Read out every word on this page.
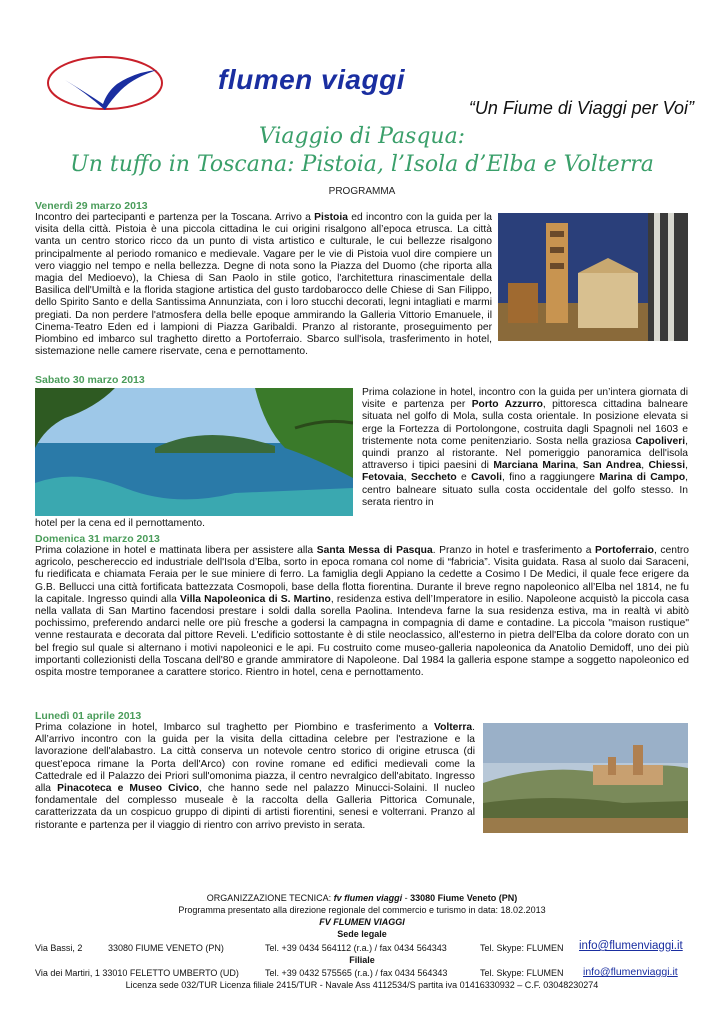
flumen viaggi
“Un Fiume di Viaggi per Voi”
Viaggio di Pasqua:
Un tuffo in Toscana: Pistoia, l’Isola d’Elba e Volterra
PROGRAMMA
Venerdì 29 marzo 2013
Incontro dei partecipanti e partenza per la Toscana. Arrivo a Pistoia ed incontro con la guida per la visita della città. Pistoia è una piccola cittadina le cui origini risalgono all’epoca etrusca. La città vanta un centro storico ricco da un punto di vista artistico e culturale, le cui bellezze risalgono principalmente al periodo romanico e medievale. Vagare per le vie di Pistoia vuol dire compiere un vero viaggio nel tempo e nella bellezza. Degne di nota sono la Piazza del Duomo (che riporta alla magia del Medioevo), la Chiesa di San Paolo in stile gotico, l'architettura rinascimentale della Basilica dell'Umiltà e la florida stagione artistica del gusto tardobarocco delle Chiese di San Filippo, dello Spirito Santo e della Santissima Annunziata, con i loro stucchi decorati, legni intagliati e marmi pregiati. Da non perdere l'atmosfera della belle epoque ammirando la Galleria Vittorio Emanuele, il Cinema-Teatro Eden ed i lampioni di Piazza Garibaldi. Pranzo al ristorante, proseguimento per Piombino ed imbarco sul traghetto diretto a Portoferraio. Sbarco sull'isola, trasferimento in hotel, sistemazione nelle camere riservate, cena e pernottamento.
Sabato 30 marzo 2013
Prima colazione in hotel, incontro con la guida per un’intera giornata di visite e partenza per Porto Azzurro, pittoresca cittadina balneare situata nel golfo di Mola, sulla costa orientale. In posizione elevata si erge la Fortezza di Portolongone, costruita dagli Spagnoli nel 1603 e tristemente nota come penitenziario. Sosta nella graziosa Capoliveri, quindi pranzo al ristorante. Nel pomeriggio panoramica dell'isola attraverso i tipici paesini di Marciana Marina, San Andrea, Chiessi, Fetovaia, Seccheto e Cavoli, fino a raggiungere Marina di Campo, centro balneare situato sulla costa occidentale del golfo stesso. In serata rientro in
hotel per la cena ed il pernottamento.
Domenica 31 marzo 2013
Prima colazione in hotel e mattinata libera per assistere alla Santa Messa di Pasqua. Pranzo in hotel e trasferimento a Portoferraio, centro agricolo, peschereccio ed industriale dell'Isola d’Elba, sorto in epoca romana col nome di “fabricia”. Visita guidata. Rasa al suolo dai Saraceni, fu riedificata e chiamata Feraia per le sue miniere di ferro. La famiglia degli Appiano la cedette a Cosimo I De Medici, il quale fece erigere da G.B. Bellucci una città fortificata battezzata Cosmopoli, base della flotta fiorentina. Durante il breve regno napoleonico all’Elba nel 1814, ne fu la capitale. Ingresso quindi alla Villa Napoleonica di S. Martino, residenza estiva dell’Imperatore in esilio. Napoleone acquistò la piccola casa nella vallata di San Martino facendosi prestare i soldi dalla sorella Paolina. Intendeva farne la sua residenza estiva, ma in realtà vi abitò pochissimo, preferendo andarci nelle ore più fresche a godersi la campagna in compagnia di dame e contadine. La piccola "maison rustique" venne restaurata e decorata dal pittore Reveli. L'edificio sottostante è di stile neoclassico, all'esterno in pietra dell'Elba da colore dorato con un bel fregio sul quale si alternano i motivi napoleonici e le api. Fu costruito come museo-galleria napoleonica da Anatolio Demidoff, uno dei più importanti collezionisti della Toscana dell'80 e grande ammiratore di Napoleone. Dal 1984 la galleria espone stampe a soggetto napoleonico ed ospita mostre temporanee a carattere storico. Rientro in hotel, cena e pernottamento.
Lunedì 01 aprile 2013
Prima colazione in hotel, Imbarco sul traghetto per Piombino e trasferimento a Volterra. All’arrivo incontro con la guida per la visita della cittadina celebre per l'estrazione e la lavorazione dell'alabastro. La città conserva un notevole centro storico di origine etrusca (di quest’epoca rimane la Porta dell'Arco) con rovine romane ed edifici medievali come la Cattedrale ed il Palazzo dei Priori sull'omonima piazza, il centro nevralgico dell'abitato. Ingresso alla Pinacoteca e Museo Civico, che hanno sede nel palazzo Minucci-Solaini. Il nucleo fondamentale del complesso museale è la raccolta della Galleria Pittorica Comunale, caratterizzata da un cospicuo gruppo di dipinti di artisti fiorentini, senesi e volterrani. Pranzo al ristorante e partenza per il viaggio di rientro con arrivo previsto in serata.
ORGANIZZAZIONE TECNICA: fv flumen viaggi - 33080 Fiume Veneto (PN)
Programma presentato alla direzione regionale del commercio e turismo in data: 18.02.2013
FV FLUMEN VIAGGI
Sede legale
Via Bassi, 2	33080 FIUME VENETO (PN)	Tel. +39 0434 564112 (r.a.) / fax 0434 564343	Tel. Skype: FLUMEN info@flumenviaggi.it
Filiale
Via dei Martiri, 1 33010 FELETTO UMBERTO (UD)	Tel. +39 0432 575565 (r.a.) / fax 0434 564343	Tel. Skype: FLUMEN info@flumenviaggi.it
Licenza sede 032/TUR Licenza filiale 2415/TUR - Navale Ass 4112534/S partita iva 01416330932 – C.F. 03048230274
